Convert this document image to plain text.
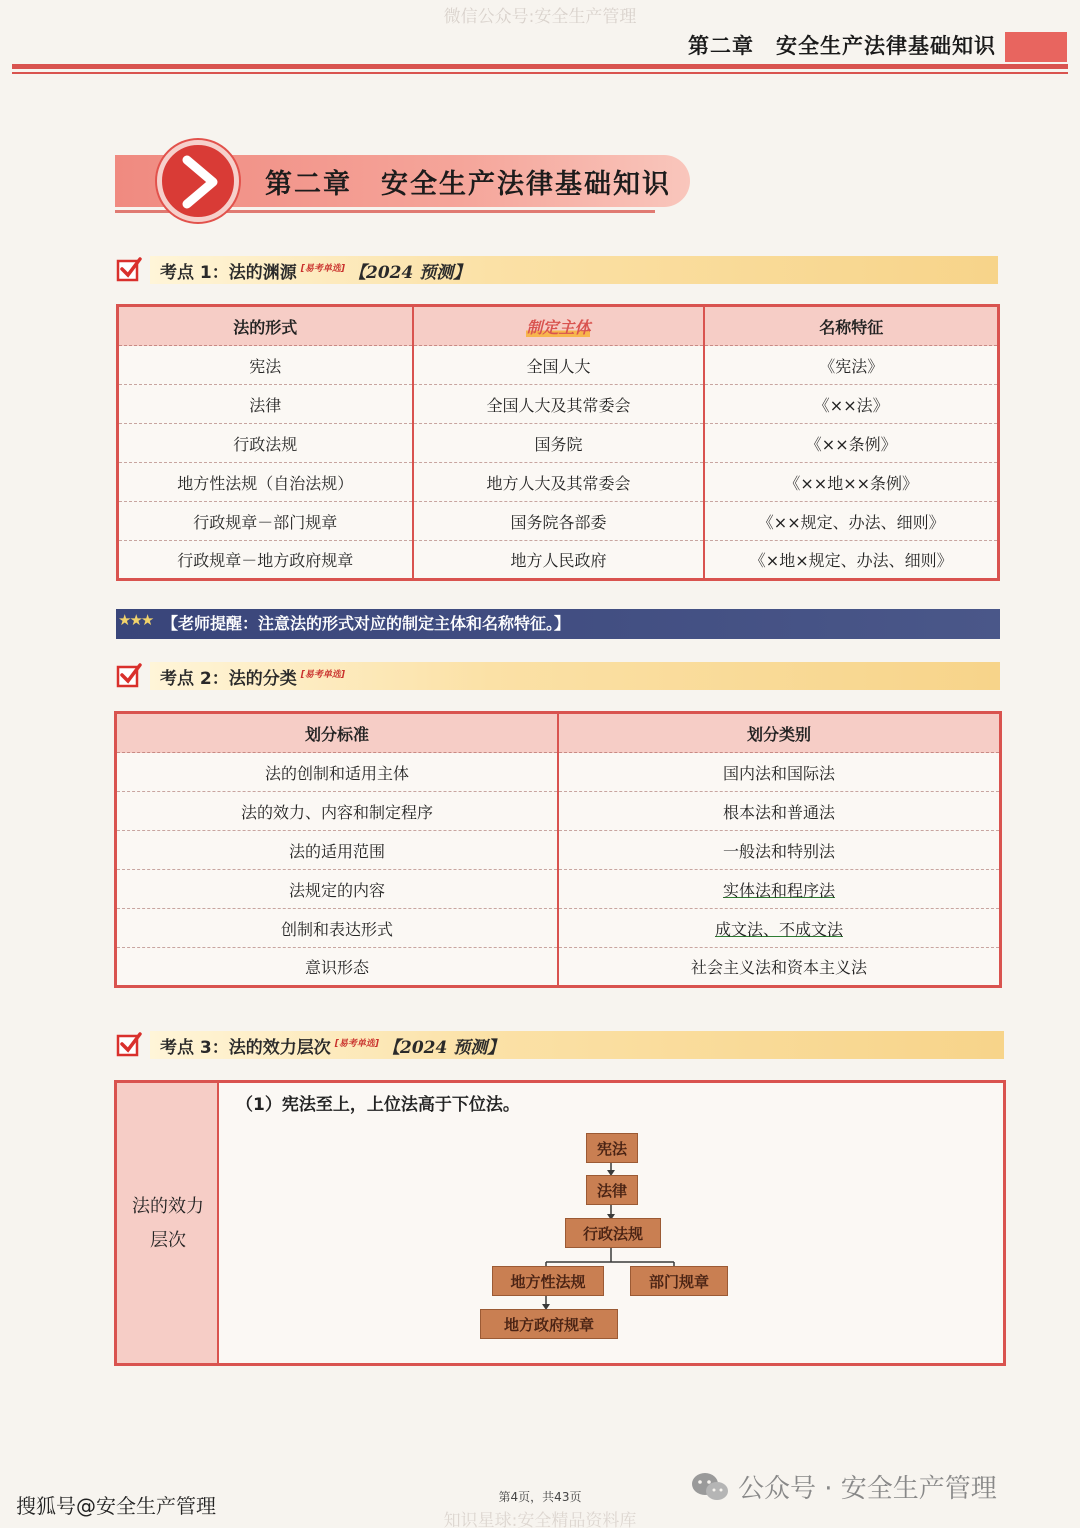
微信公众号:安全生产管理
第二章　安全生产法律基础知识
第二章　安全生产法律基础知识
考点 1：法的渊源 [易考单选] 【2024 预测】
法的形式	制定主体	名称特征
宪法	全国人大	《宪法》
法律	全国人大及其常委会	《××法》
行政法规	国务院	《××条例》
地方性法规（自治法规）	地方人大及其常委会	《××地××条例》
行政规章－部门规章	国务院各部委	《××规定、办法、细则》
行政规章－地方政府规章	地方人民政府	《×地×规定、办法、细则》
【老师提醒：注意法的形式对应的制定主体和名称特征。】
★★★
考点 2：法的分类 [易考单选]
划分标准	划分类别
法的创制和适用主体	国内法和国际法
法的效力、内容和制定程序	根本法和普通法
法的适用范围	一般法和特别法
法规定的内容	实体法和程序法
创制和表达形式	成文法、不成文法
意识形态	社会主义法和资本主义法
考点 3：法的效力层次 [易考单选] 【2024 预测】
法的效力层次
（1）宪法至上，上位法高于下位法。
宪法
法律
行政法规
地方性法规	部门规章
地方政府规章
第4页，共43页
搜狐号@安全生产管理
公众号 · 安全生产管理
知识星球:安全精品资料库
